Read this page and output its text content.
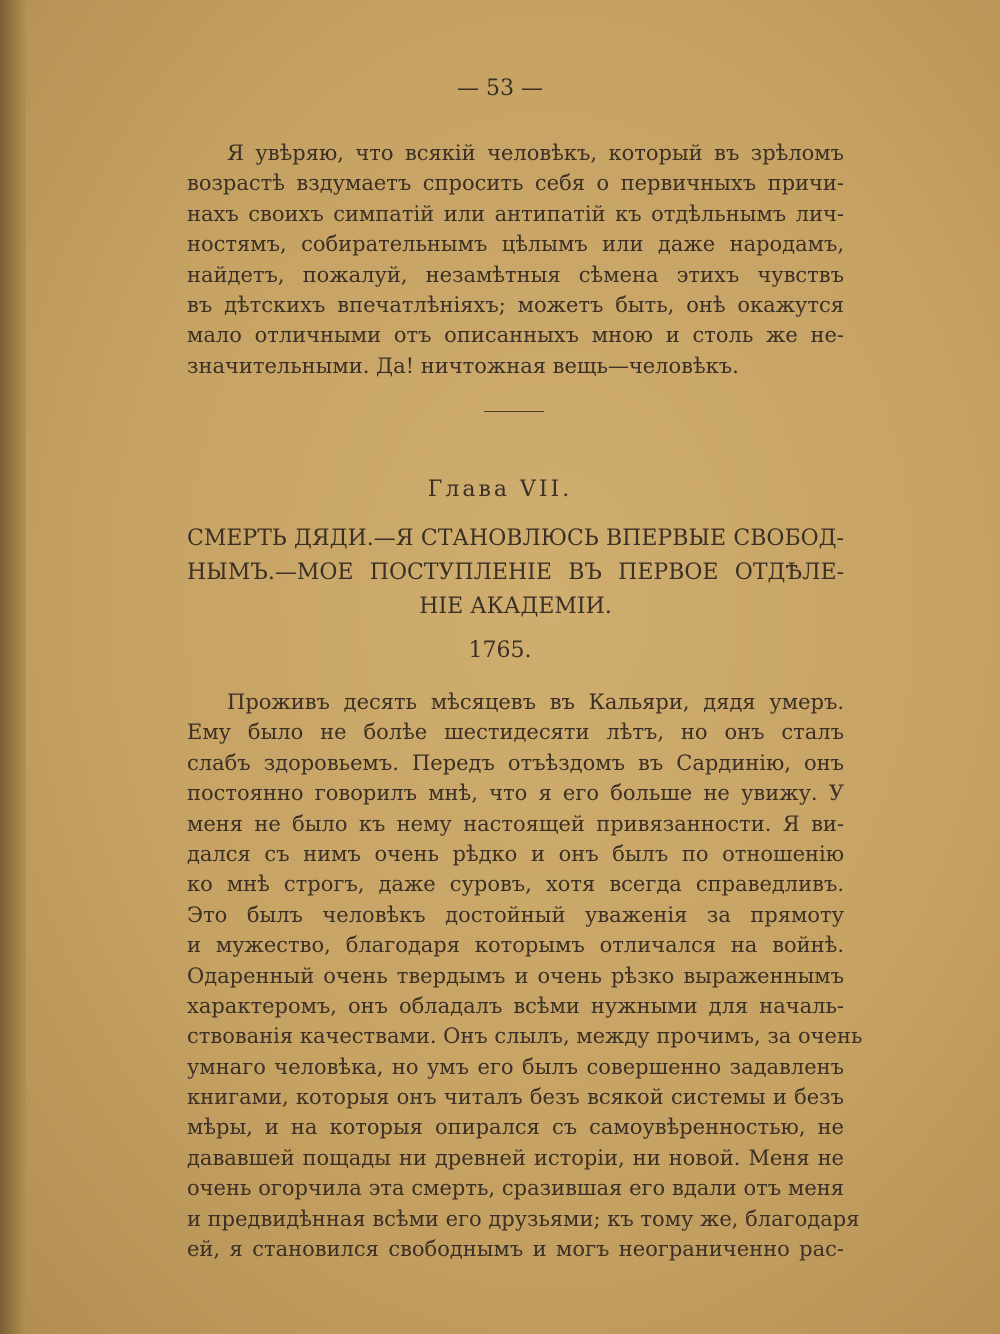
— 53 —
Я увѣряю, что всякій человѣкъ, который въ зрѣломъ
возрастѣ вздумаетъ спросить себя о первичныхъ причи-
нахъ своихъ симпатій или антипатій къ отдѣльнымъ лич-
ностямъ, собирательнымъ цѣлымъ или даже народамъ,
найдетъ, пожалуй, незамѣтныя сѣмена этихъ чувствъ
въ дѣтскихъ впечатлѣніяхъ; можетъ быть, онѣ окажутся
мало отличными отъ описанныхъ мною и столь же не-
значительными. Да! ничтожная вещь—человѣкъ.
Глава VII.
СМЕРТЬ ДЯДИ.—Я СТАНОВЛЮСЬ ВПЕРВЫЕ СВОБОД-
НЫМЪ.—МОЕ ПОСТУПЛЕНІЕ ВЪ ПЕРВОЕ ОТДѢЛЕ-
НІЕ АКАДЕМІИ.
1765.
Проживъ десять мѣсяцевъ въ Кальяри, дядя умеръ.
Ему было не болѣе шестидесяти лѣтъ, но онъ сталъ
слабъ здоровьемъ. Передъ отъѣздомъ въ Сардинію, онъ
постоянно говорилъ мнѣ, что я его больше не увижу. У
меня не было къ нему настоящей привязанности. Я ви-
дался съ нимъ очень рѣдко и онъ былъ по отношенію
ко мнѣ строгъ, даже суровъ, хотя всегда справедливъ.
Это былъ человѣкъ достойный уваженія за прямоту
и мужество, благодаря которымъ отличался на войнѣ.
Одаренный очень твердымъ и очень рѣзко выраженнымъ
характеромъ, онъ обладалъ всѣми нужными для началь-
ствованія качествами. Онъ слылъ, между прочимъ, за очень
умнаго человѣка, но умъ его былъ совершенно задавленъ
книгами, которыя онъ читалъ безъ всякой системы и безъ
мѣры, и на которыя опирался съ самоувѣренностью, не
дававшей пощады ни древней исторіи, ни новой. Меня не
очень огорчила эта смерть, сразившая его вдали отъ меня
и предвидѣнная всѣми его друзьями; къ тому же, благодаря
ей, я становился свободнымъ и могъ неограниченно рас-
